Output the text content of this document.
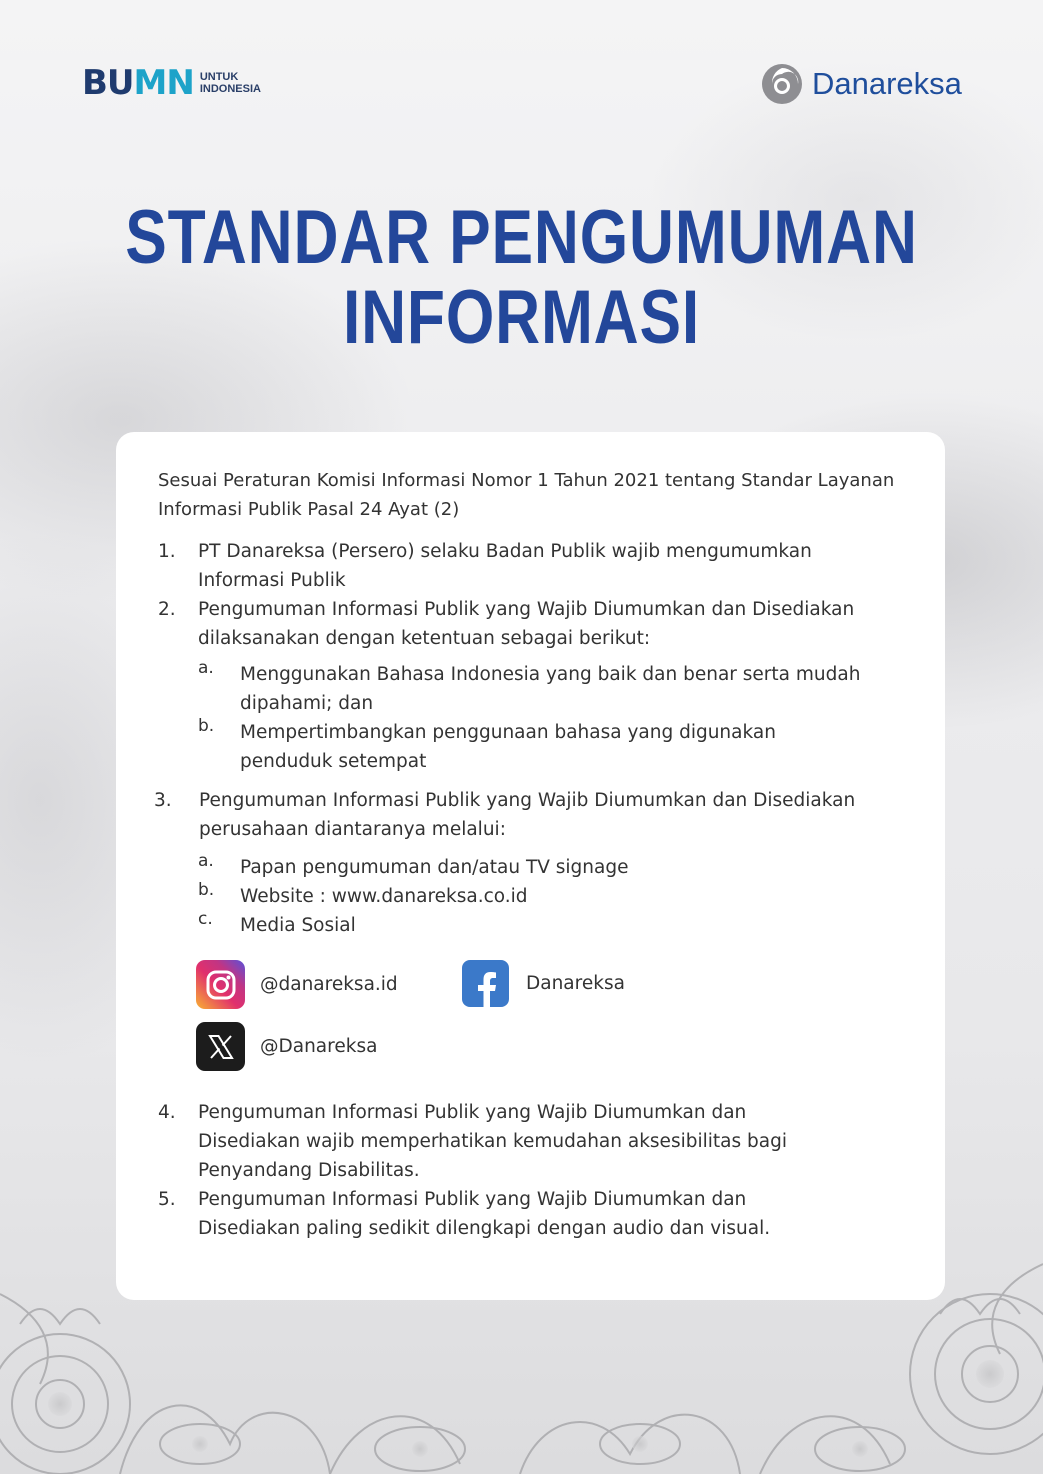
BUMN UNTUK
INDONESIA	Danareksa
STANDAR PENGUMUMAN
INFORMASI

Sesuai Peraturan Komisi Informasi Nomor 1 Tahun 2021 tentang Standar Layanan Informasi Publik Pasal 24 Ayat (2)

1. PT Danareksa (Persero) selaku Badan Publik wajib mengumumkan Informasi Publik
2. Pengumuman Informasi Publik yang Wajib Diumumkan dan Disediakan dilaksanakan dengan ketentuan sebagai berikut:
a. Menggunakan Bahasa Indonesia yang baik dan benar serta mudah dipahami; dan
b. Mempertimbangkan penggunaan bahasa yang digunakan penduduk setempat
3. Pengumuman Informasi Publik yang Wajib Diumumkan dan Disediakan perusahaan diantaranya melalui:
a. Papan pengumuman dan/atau TV signage
b. Website : www.danareksa.co.id
c. Media Sosial
@danareksa.id	Danareksa
@Danareksa
4. Pengumuman Informasi Publik yang Wajib Diumumkan dan Disediakan wajib memperhatikan kemudahan aksesibilitas bagi Penyandang Disabilitas.
5. Pengumuman Informasi Publik yang Wajib Diumumkan dan Disediakan paling sedikit dilengkapi dengan audio dan visual.
